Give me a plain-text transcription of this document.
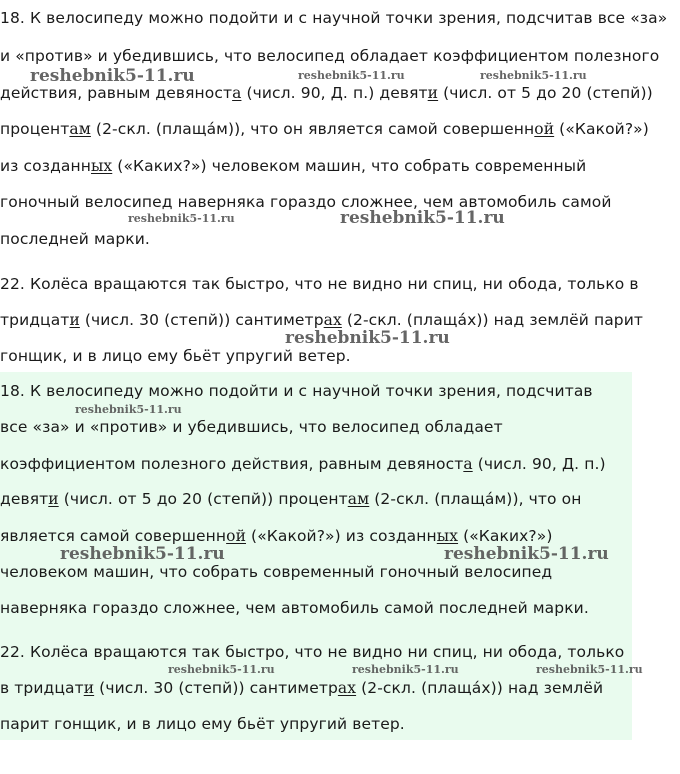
18. К велосипеду можно подойти и с научной точки зрения, подсчитав все «за»
и «против» и убедившись, что велосипед обладает коэффициентом полезного
действия, равным девяноста (числ. 90, Д. п.) девяти (числ. от 5 до 20 (степй))
процентам (2-скл. (плащáм)), что он является самой совершенной («Какой?»)
из созданных («Каких?») человеком машин, что собрать современный
гоночный велосипед наверняка гораздо сложнее, чем автомобиль самой
последней марки.
22. Колёса вращаются так быстро, что не видно ни спиц, ни обода, только в
тридцати (числ. 30 (степй)) сантиметрах (2-скл. (плащáх)) над землёй парит
гонщик, и в лицо ему бьёт упругий ветер.
18. К велосипеду можно подойти и с научной точки зрения, подсчитав
все «за» и «против» и убедившись, что велосипед обладает
коэффициентом полезного действия, равным девяноста (числ. 90, Д. п.)
девяти (числ. от 5 до 20 (степй)) процентам (2-скл. (плащáм)), что он
является самой совершенной («Какой?») из созданных («Каких?»)
человеком машин, что собрать современный гоночный велосипед
наверняка гораздо сложнее, чем автомобиль самой последней марки.
22. Колёса вращаются так быстро, что не видно ни спиц, ни обода, только
в тридцати (числ. 30 (степй)) сантиметрах (2-скл. (плащáх)) над землёй
парит гонщик, и в лицо ему бьёт упругий ветер.
reshebnik5-11.ru	reshebnik5-11.ru	reshebnik5-11.ru
reshebnik5-11.ru	reshebnik5-11.ru
reshebnik5-11.ru
reshebnik5-11.ru
reshebnik5-11.ru	reshebnik5-11.ru
reshebnik5-11.ru	reshebnik5-11.ru	reshebnik5-11.ru
